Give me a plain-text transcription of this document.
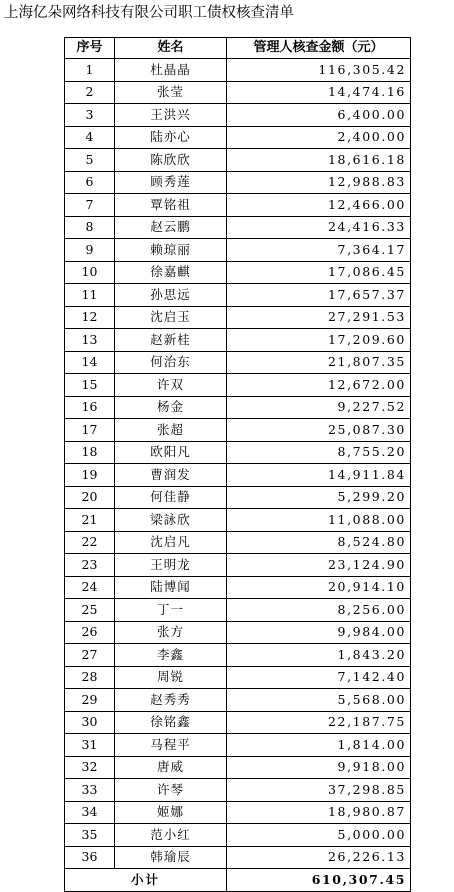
上海亿朵网络科技有限公司职工债权核查清单
序号	姓名	管理人核查金额（元）
1	杜晶晶	116,305.42
2	张莹	14,474.16
3	王洪兴	6,400.00
4	陆亦心	2,400.00
5	陈欣欣	18,616.18
6	顾秀莲	12,988.83
7	覃铭祖	12,466.00
8	赵云鹏	24,416.33
9	赖琼丽	7,364.17
10	徐嘉麒	17,086.45
11	孙思远	17,657.37
12	沈启玉	27,291.53
13	赵新桂	17,209.60
14	何治东	21,807.35
15	许双	12,672.00
16	杨金	9,227.52
17	张超	25,087.30
18	欧阳凡	8,755.20
19	曹润发	14,911.84
20	何佳静	5,299.20
21	梁詠欣	11,088.00
22	沈启凡	8,524.80
23	王明龙	23,124.90
24	陆博闻	20,914.10
25	丁一	8,256.00
26	张方	9,984.00
27	李鑫	1,843.20
28	周锐	7,142.40
29	赵秀秀	5,568.00
30	徐铭鑫	22,187.75
31	马程平	1,814.00
32	唐威	9,918.00
33	许琴	37,298.85
34	姬娜	18,980.87
35	范小红	5,000.00
36	韩瑜辰	26,226.13
小计		610,307.45
